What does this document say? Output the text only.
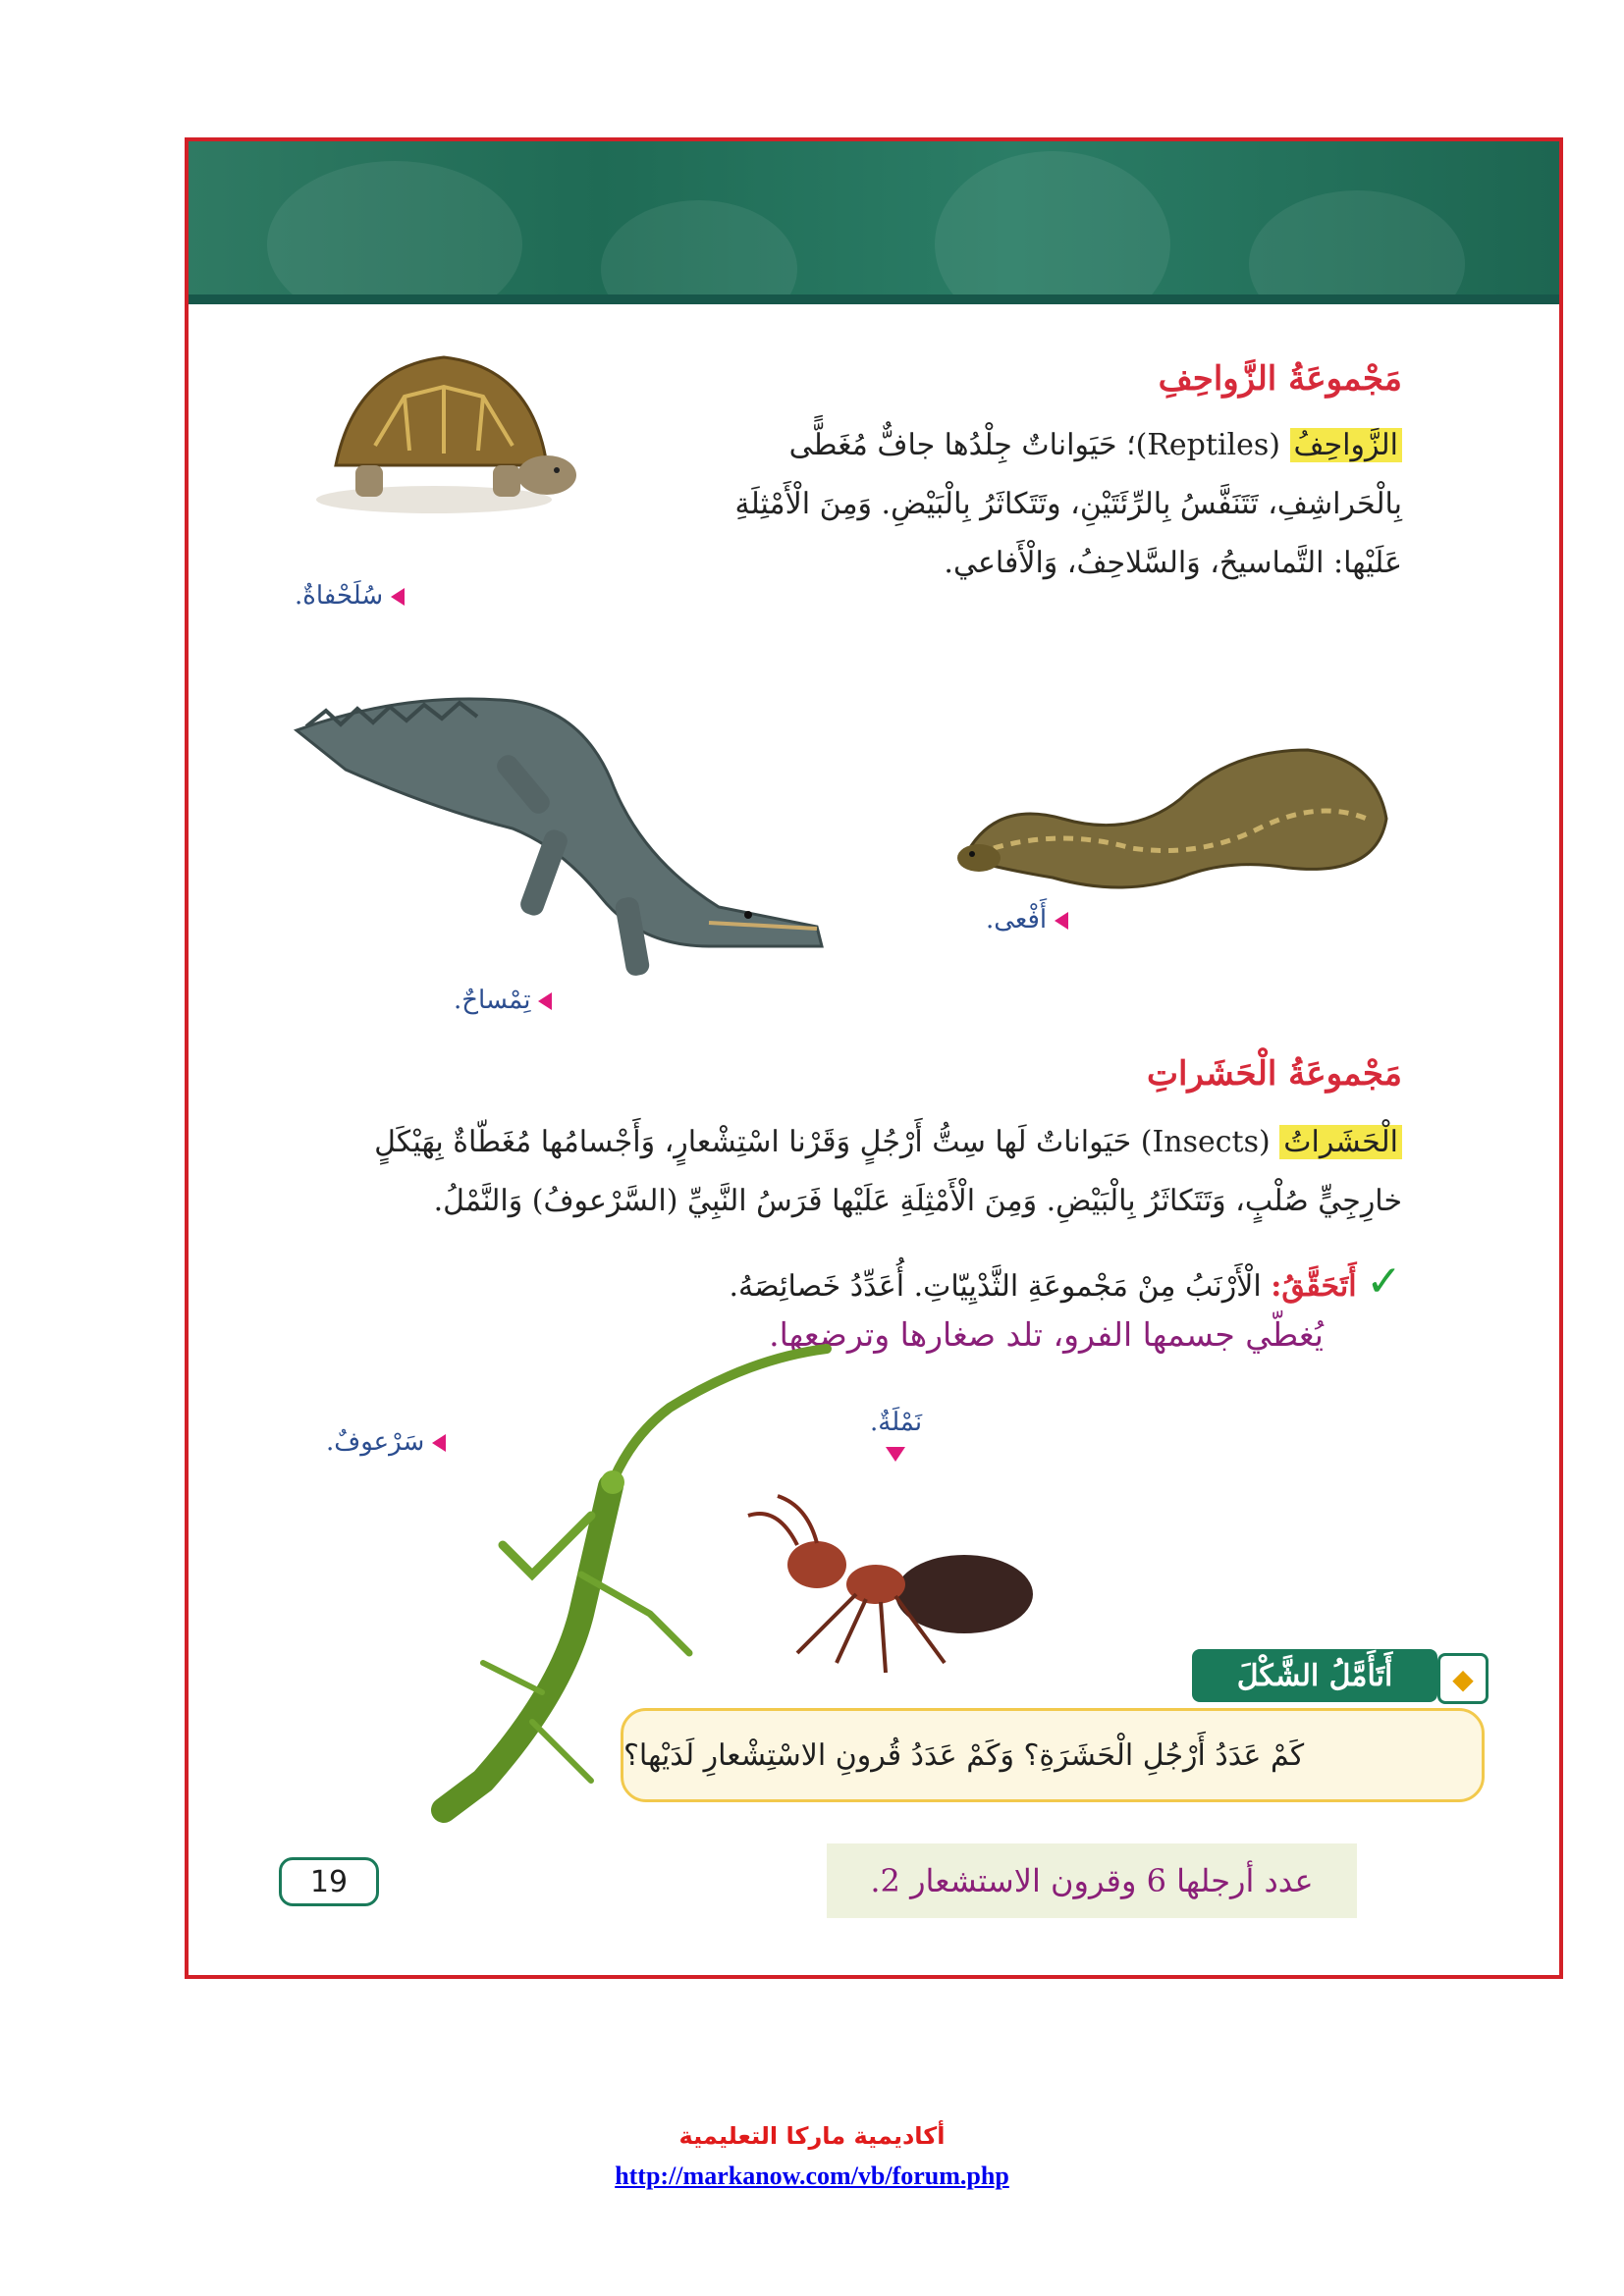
مَجْموعَةُ الزَّواحِفِ
الزَّواحِفُ (Reptiles)؛ حَيَواناتٌ جِلْدُها جافٌّ مُغَطًّى
بِالْحَراشِفِ، تَتَنَفَّسُ بِالرِّئَتَيْنِ، وتَتَكاثَرُ بِالْبَيْضِ. وَمِنَ الْأَمْثِلَةِ
عَلَيْها: التَّماسيحُ، وَالسَّلاحِفُ، وَالْأَفاعي.
سُلَحْفاةٌ.
تِمْساحٌ.
أَفْعى.
مَجْموعَةُ الْحَشَراتِ
الْحَشَراتُ (Insects) حَيَواناتٌ لَها سِتُّ أَرْجُلٍ وَقَرْنا اسْتِشْعارٍ، وَأَجْسامُها مُغَطّاةٌ بِهَيْكَلٍ
خارِجِيٍّ صُلْبٍ، وَتَتَكاثَرُ بِالْبَيْضِ. وَمِنَ الْأَمْثِلَةِ عَلَيْها فَرَسُ النَّبِيِّ (السَّرْعوفُ) وَالنَّمْلُ.
✓ أَتَحَقَّقُ: الْأَرْنَبُ مِنْ مَجْموعَةِ الثَّدْيِيّاتِ. أُعَدِّدُ خَصائِصَهُ.

يُغطّي جسمها الفرو، تلد صغارها وترضعها.

سَرْعوفٌ.
نَمْلَةٌ.
◆
أَتَأَمَّلُ الشَّكْلَ
كَمْ عَدَدُ أَرْجُلِ الْحَشَرَةِ؟ وَكَمْ عَدَدُ قُرونِ الاسْتِشْعارِ لَدَيْها؟
19	عدد أرجلها 6 وقرون الاستشعار 2.

أكاديمية ماركا التعليمية

http://markanow.com/vb/forum.php
